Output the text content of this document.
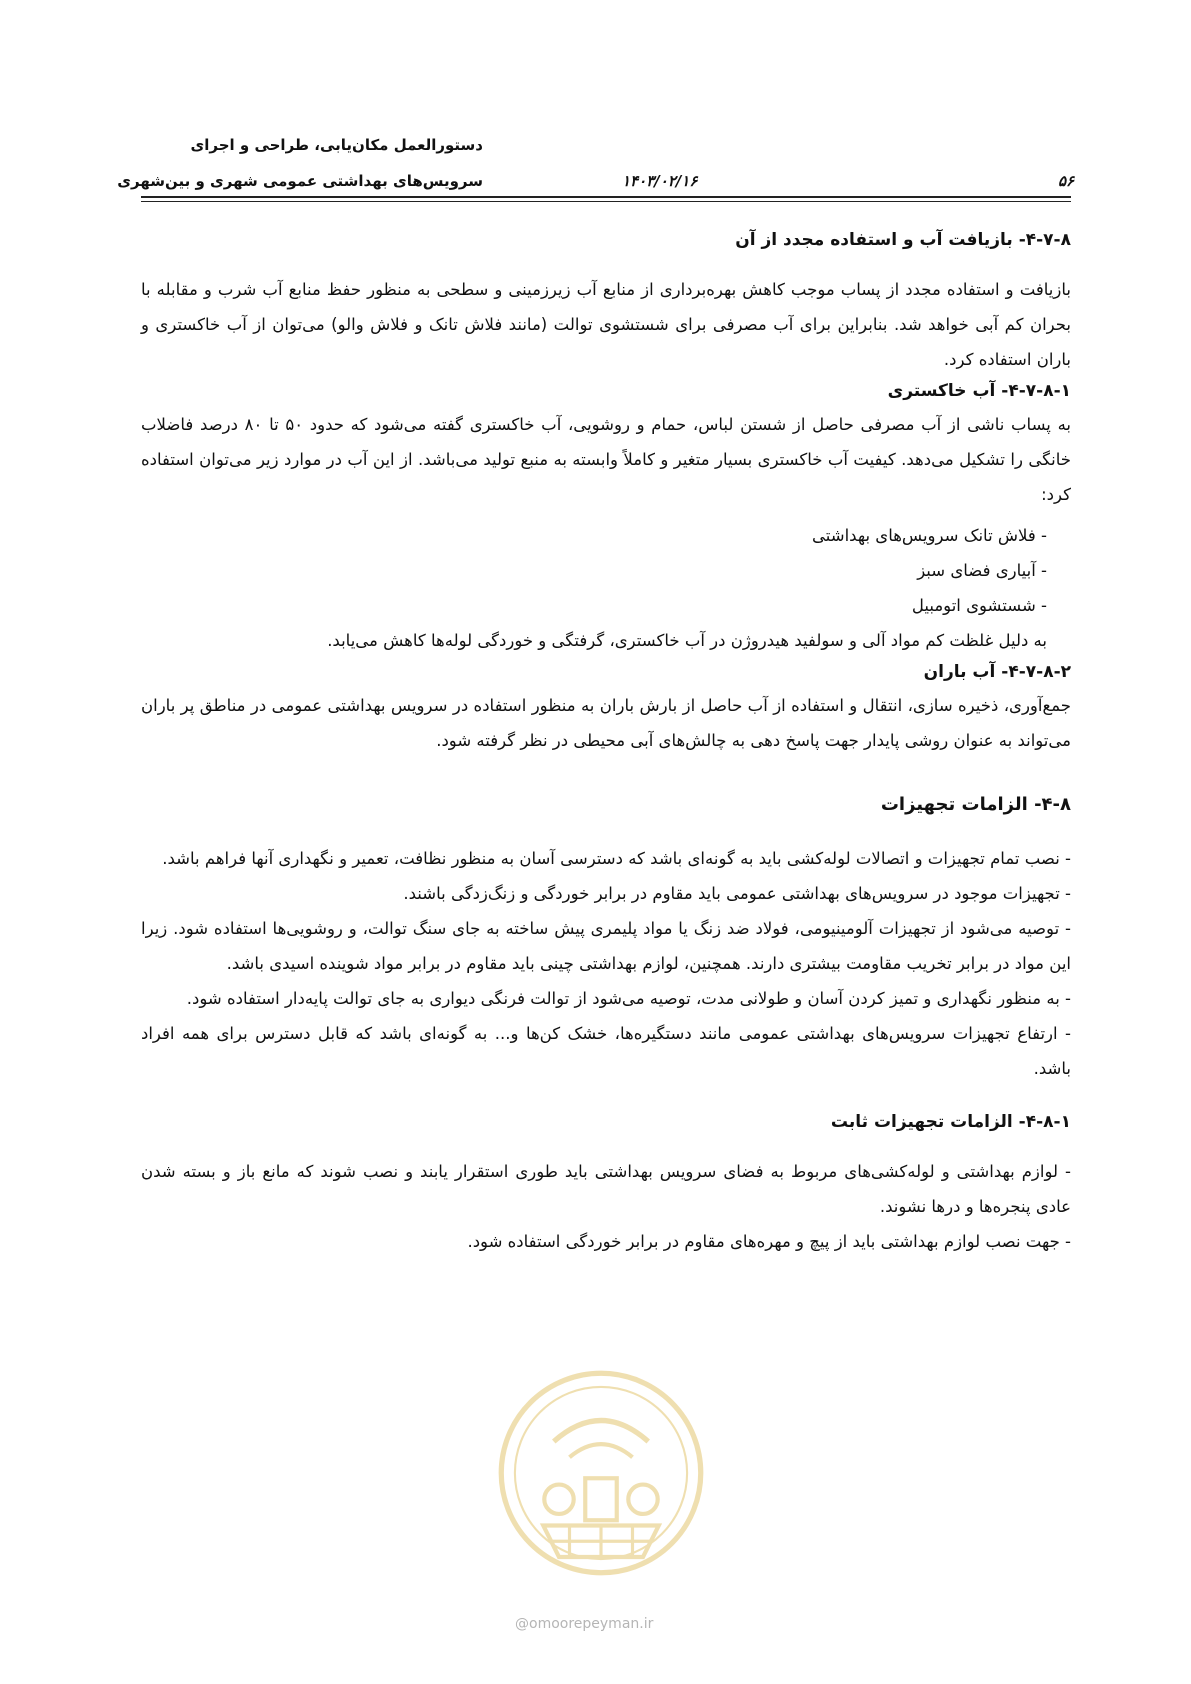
دستورالعمل مکان‌یابی، طراحی و اجرای
سرویس‌های بهداشتی عمومی شهری و بین‌شهری	۱۴۰۳/۰۲/۱۶	۵۶

۴-۷-۸- بازیافت آب و استفاده مجدد از آن

بازیافت و استفاده مجدد از پساب موجب کاهش بهره‌برداری از منابع آب زیرزمینی و سطحی به منظور حفظ منابع آب شرب و مقابله با بحران کم آبی خواهد شد. بنابراین برای آب مصرفی برای شستشوی توالت (مانند فلاش تانک و فلاش والو) می‌توان از آب خاکستری و باران استفاده کرد.

۴-۷-۸-۱- آب خاکستری

به پساب ناشی از آب مصرفی حاصل از شستن لباس، حمام و روشویی، آب خاکستری گفته می‌شود که حدود ۵۰ تا ۸۰ درصد فاضلاب خانگی را تشکیل می‌دهد. کیفیت آب خاکستری بسیار متغیر و کاملاً وابسته به منبع تولید می‌باشد. از این آب در موارد زیر می‌توان استفاده کرد:

- فلاش تانک سرویس‌های بهداشتی

- آبیاری فضای سبز

- شستشوی اتومبیل

به دلیل غلظت کم مواد آلی و سولفید هیدروژن در آب خاکستری، گرفتگی و خوردگی لوله‌ها کاهش می‌یابد.

۴-۷-۸-۲- آب باران

جمع‌آوری، ذخیره سازی، انتقال و استفاده از آب حاصل از بارش باران به منظور استفاده در سرویس بهداشتی عمومی در مناطق پر باران می‌تواند به عنوان روشی پایدار جهت پاسخ دهی به چالش‌های آبی محیطی در نظر گرفته شود.

۴-۸- الزامات تجهیزات

- نصب تمام تجهیزات و اتصالات لوله‌کشی باید به گونه‌ای باشد که دسترسی آسان به منظور نظافت، تعمیر و نگهداری آنها فراهم باشد.

- تجهیزات موجود در سرویس‌های بهداشتی عمومی باید مقاوم در برابر خوردگی و زنگ‌زدگی باشند.

- توصیه می‌شود از تجهیزات آلومینیومی، فولاد ضد زنگ یا مواد پلیمری پیش ساخته به جای سنگ توالت، و روشویی‌ها استفاده شود. زیرا این مواد در برابر تخریب مقاومت بیشتری دارند. همچنین، لوازم بهداشتی چینی باید مقاوم در برابر مواد شوینده اسیدی باشد.

- به منظور نگهداری و تمیز کردن آسان و طولانی مدت، توصیه می‌شود از توالت فرنگی دیواری به جای توالت پایه‌دار استفاده شود.

- ارتفاع تجهیزات سرویس‌های بهداشتی عمومی مانند دستگیره‌ها، خشک کن‌ها و... به گونه‌ای باشد که قابل دسترس برای همه افراد باشد.

۴-۸-۱- الزامات تجهیزات ثابت

- لوازم بهداشتی و لوله‌کشی‌های مربوط به فضای سرویس بهداشتی باید طوری استقرار یابند و نصب شوند که مانع باز و بسته شدن عادی پنجره‌ها و درها نشوند.

- جهت نصب لوازم بهداشتی باید از پیچ و مهره‌های مقاوم در برابر خوردگی استفاده شود.

@omoorepeyman.ir
